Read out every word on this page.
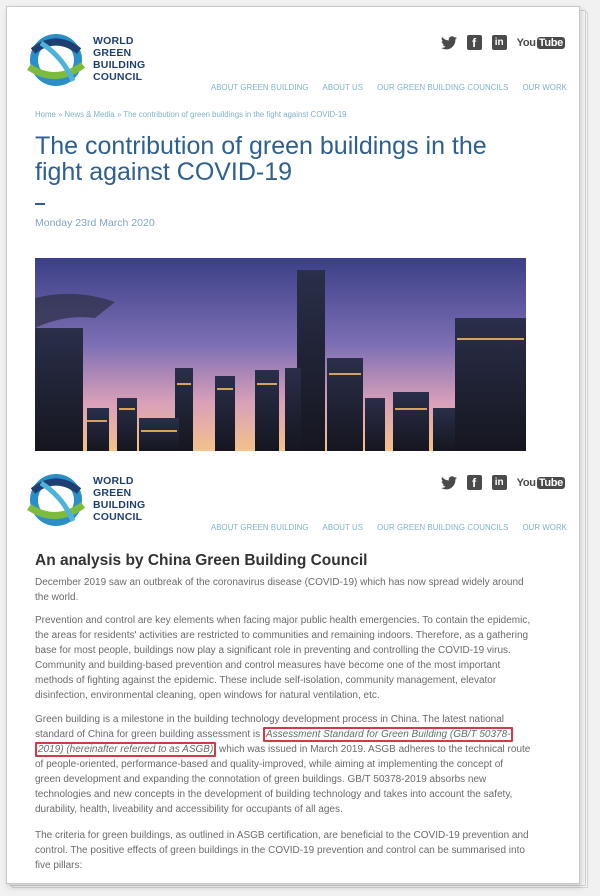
WORLD
GREEN
BUILDING
COUNCIL
f	in You Tube
ABOUT GREEN BUILDING ABOUT US OUR GREEN BUILDING COUNCILS OUR WORK
Home » News & Media » The contribution of green buildings in the fight against COVID-19
The contribution of green buildings in the fight against COVID-19
Monday 23rd March 2020
WORLD
GREEN
BUILDING
COUNCIL
f	in You Tube
ABOUT GREEN BUILDING ABOUT US OUR GREEN BUILDING COUNCILS OUR WORK
An analysis by China Green Building Council

December 2019 saw an outbreak of the coronavirus disease (COVID-19) which has now spread widely around the world.

Prevention and control are key elements when facing major public health emergencies. To contain the epidemic, the areas for residents' activities are restricted to communities and remaining indoors. Therefore, as a gathering base for most people, buildings now play a significant role in preventing and controlling the COVID-19 virus. Community and building-based prevention and control measures have become one of the most important methods of fighting against the epidemic. These include self-isolation, community management, elevator disinfection, environmental cleaning, open windows for natural ventilation, etc.

Green building is a milestone in the building technology development process in China. The latest national standard of China for green building assessment is Assessment Standard for Green Building (GB/T 50378-
2019) (hereinafter referred to as ASGB) which was issued in March 2019. ASGB adheres to the technical route of people-oriented, performance-based and quality-improved, while aiming at implementing the concept of green development and expanding the connotation of green buildings. GB/T 50378-2019 absorbs new technologies and new concepts in the development of building technology and takes into account the safety, durability, health, liveability and accessibility for occupants of all ages.

The criteria for green buildings, as outlined in ASGB certification, are beneficial to the COVID-19 prevention and control. The positive effects of green buildings in the COVID-19 prevention and control can be summarised into five pillars:
